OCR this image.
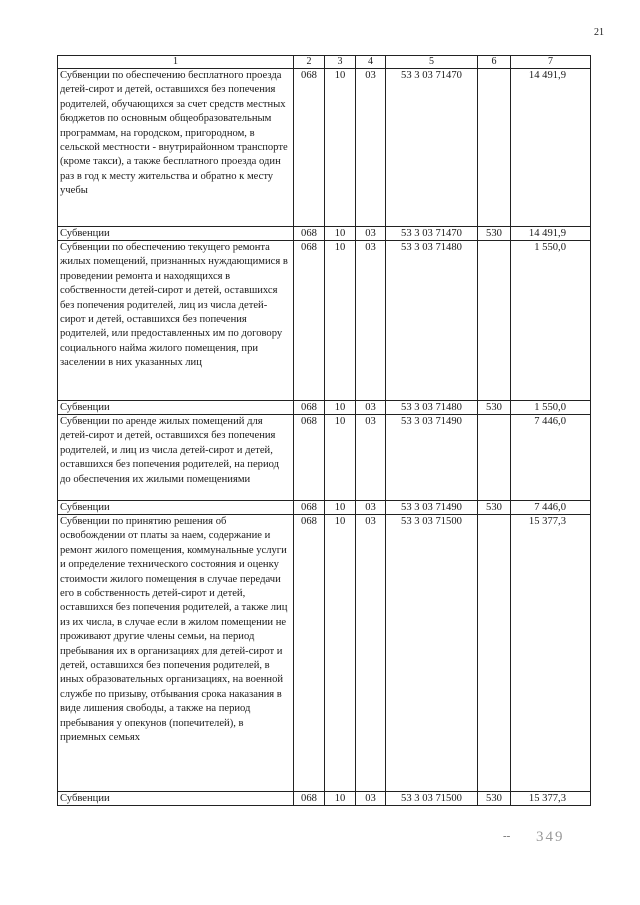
21
1	2	3	4	5	6	7
Субвенции по обеспечению бесплатного проезда детей-сирот и детей, оставшихся без попечения родителей, обучающихся за счет средств местных бюджетов по основным общеобразовательным программам, на городском, пригородном, в сельской местности - внутрирайонном транспорте (кроме такси), а также бесплатного проезда один раз в год к месту жительства и обратно к месту учебы	068	10	03	53 3 03 71470		14 491,9
Субвенции	068	10	03	53 3 03 71470	530	14 491,9
Субвенции по обеспечению текущего ремонта жилых помещений, признанных нуждающимися в проведении ремонта и находящихся в собственности детей-сирот и детей, оставшихся без попечения родителей, лиц из числа детей-сирот и детей, оставшихся без попечения родителей, или предоставленных им по договору социального найма жилого помещения, при заселении в них указанных лиц	068	10	03	53 3 03 71480		1 550,0
Субвенции	068	10	03	53 3 03 71480	530	1 550,0
Субвенции по аренде жилых помещений для детей-сирот и детей, оставшихся без попечения родителей, и лиц из числа детей-сирот и детей, оставшихся без попечения родителей, на период до обеспечения их жилыми помещениями	068	10	03	53 3 03 71490		7 446,0
Субвенции	068	10	03	53 3 03 71490	530	7 446,0
Субвенции по принятию решения об освобождении от платы за наем, содержание и ремонт жилого помещения, коммунальные услуги и определение технического состояния и оценку стоимости жилого помещения в случае передачи его в собственность детей-сирот и детей, оставшихся без попечения родителей, а также лиц из их числа, в случае если в жилом помещении не проживают другие члены семьи, на период пребывания их в организациях для детей-сирот и детей, оставшихся без попечения родителей, в иных образовательных организациях, на военной службе по призыву, отбывания срока наказания в виде лишения свободы, а также на период пребывания у опекунов (попечителей), в приемных семьях	068	10	03	53 3 03 71500		15 377,3
Субвенции	068	10	03	53 3 03 71500	530	15 377,3
-- 349
